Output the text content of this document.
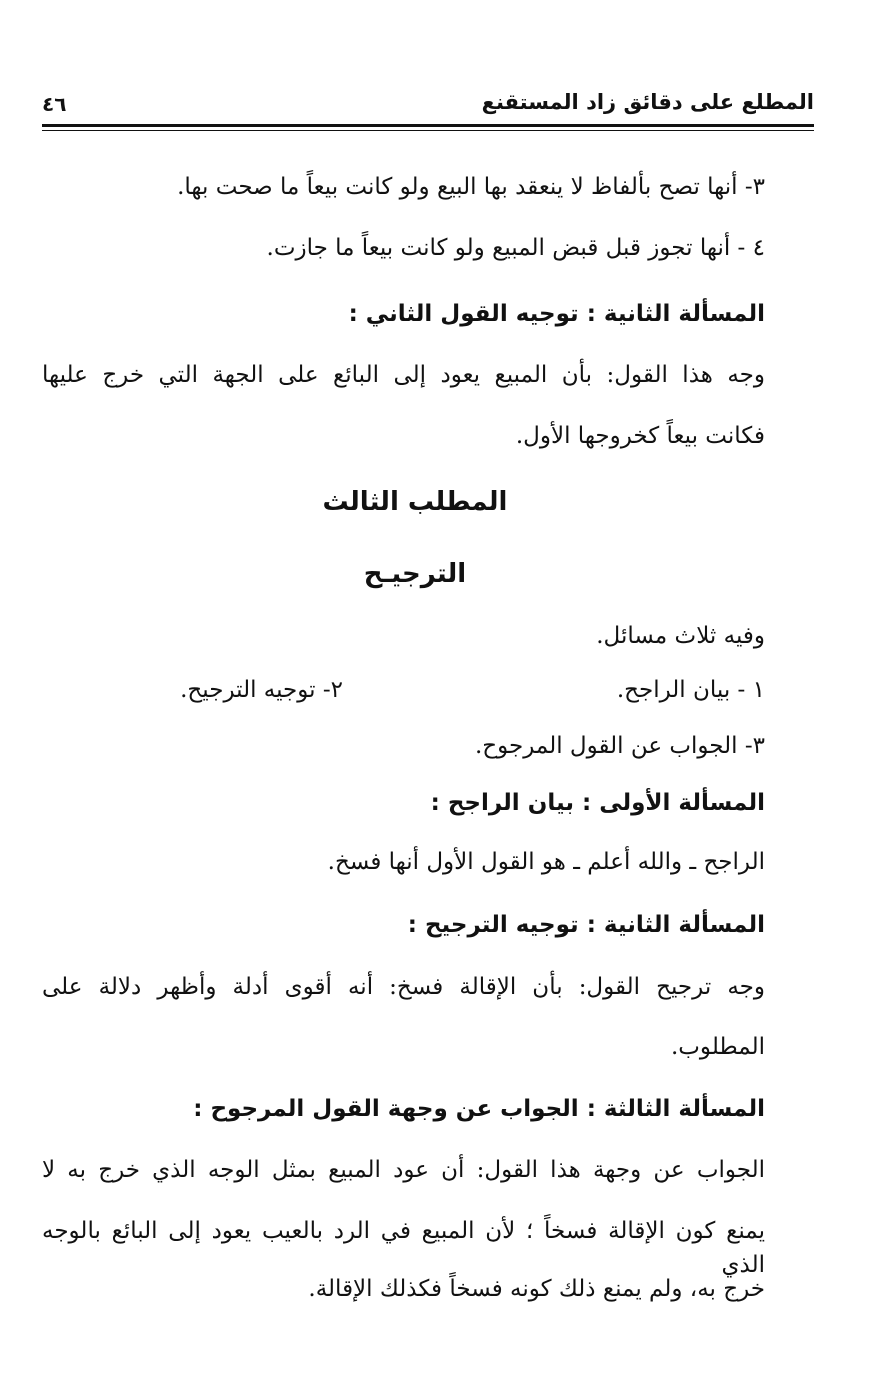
المطلع على دقائق زاد المستقنع
٤٦
٣- أنها تصح بألفاظ لا ينعقد بها البيع ولو كانت بيعاً ما صحت بها.
٤ - أنها تجوز قبل قبض المبيع ولو كانت بيعاً ما جازت.
المسألة الثانية : توجيه القول الثاني :
وجه هذا القول: بأن المبيع يعود إلى البائع على الجهة التي خرج عليها
فكانت بيعاً كخروجها الأول.
المطلب الثالث
الترجيـح
وفيه ثلاث مسائل.
١ - بيان الراجح.
٢- توجيه الترجيح.
٣- الجواب عن القول المرجوح.
المسألة الأولى : بيان الراجح :
الراجح ـ والله أعلم ـ هو القول الأول أنها فسخ.
المسألة الثانية : توجيه الترجيح :
وجه ترجيح القول: بأن الإقالة فسخ: أنه أقوى أدلة وأظهر دلالة على
المطلوب.
المسألة الثالثة : الجواب عن وجهة القول المرجوح :
الجواب عن وجهة هذا القول: أن عود المبيع بمثل الوجه الذي خرج به لا
يمنع كون الإقالة فسخاً ؛ لأن المبيع في الرد بالعيب يعود إلى البائع بالوجه الذي
خرج به، ولم يمنع ذلك كونه فسخاً فكذلك الإقالة.
